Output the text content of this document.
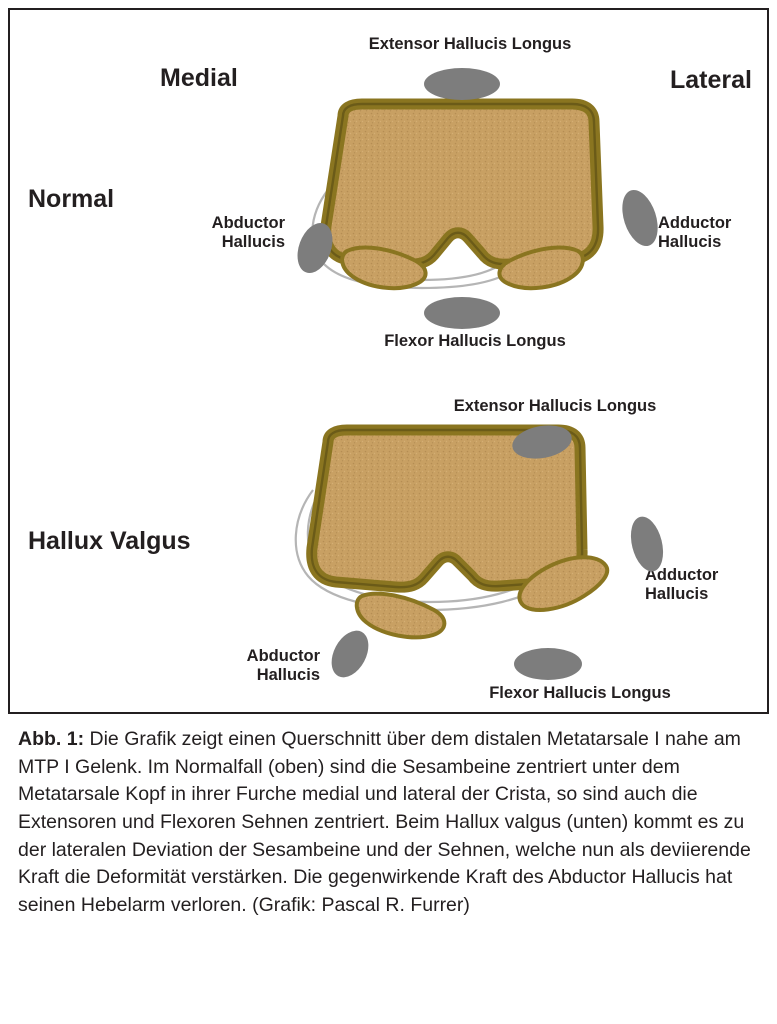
Medial	Lateral
Normal
Extensor Hallucis Longus
Flexor Hallucis Longus
Abductor
Hallucis
Adductor
Hallucis
Hallux Valgus
Extensor Hallucis Longus
Flexor Hallucis Longus
Abductor
Hallucis
Adductor
Hallucis

Abb. 1: Die Grafik zeigt einen Querschnitt über dem distalen Metatarsale I nahe am MTP I Gelenk. Im Normalfall (oben) sind die Sesambeine zentriert unter dem Metatarsale Kopf in ihrer Furche medial und lateral der Crista, so sind auch die Extensoren und Flexoren Sehnen zentriert. Beim Hallux valgus (unten) kommt es zu der lateralen Deviation der Sesambeine und der Sehnen, welche nun als deviierende Kraft die Deformität verstärken. Die gegenwirkende Kraft des Abductor Hallucis hat seinen Hebelarm verloren. (Grafik: Pascal R. Furrer)
